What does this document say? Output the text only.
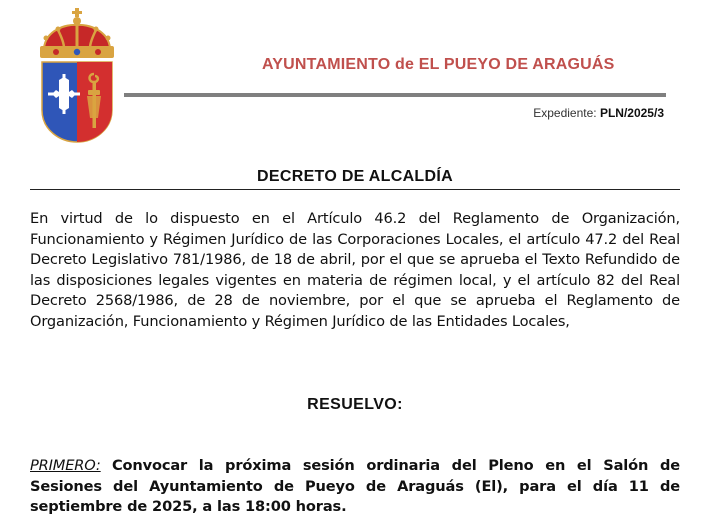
AYUNTAMIENTO de EL PUEYO DE ARAGUÁS
Expediente: PLN/2025/3
DECRETO DE ALCALDÍA

En virtud de lo dispuesto en el Artículo 46.2 del Reglamento de Organización, Funcionamiento y Régimen Jurídico de las Corporaciones Locales, el artículo 47.2 del Real Decreto Legislativo 781/1986, de 18 de abril, por el que se aprueba el Texto Refundido de las disposiciones legales vigentes en materia de régimen local, y el artículo 82 del Real Decreto 2568/1986, de 28 de noviembre, por el que se aprueba el Reglamento de Organización, Funcionamiento y Régimen Jurídico de las Entidades Locales,

RESUELVO:

PRIMERO: Convocar la próxima sesión ordinaria del Pleno en el Salón de Sesiones del Ayuntamiento de Pueyo de Araguás (El), para el día 11 de septiembre de 2025, a las 18:00 horas.
